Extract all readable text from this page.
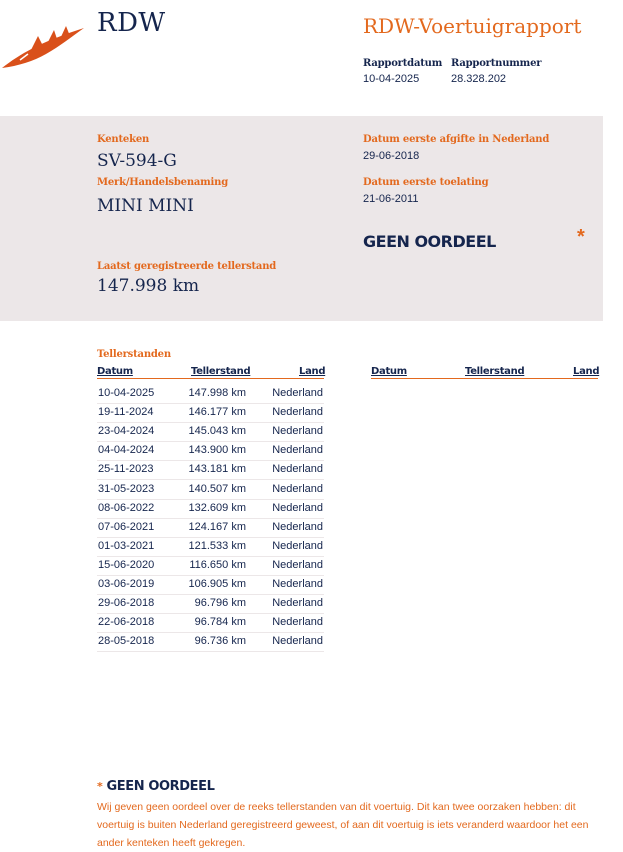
RDW	RDW-Voertuigrapport
Rapportdatum
10-04-2025
Rapportnummer
28.328.202
Kenteken
SV-594-G
Merk/Handelsbenaming
MINI MINI
Laatst geregistreerde tellerstand
147.998 km
Datum eerste afgifte in Nederland
29-06-2018
Datum eerste toelating
21-06-2011
GEEN OORDEEL	*
Tellerstanden
Datum	Tellerstand	Land	Datum	Tellerstand	Land
10-04-2025	147.998 km Nederland
19-11-2024	146.177 km Nederland
23-04-2024	145.043 km Nederland
04-04-2024	143.900 km Nederland
25-11-2023	143.181 km Nederland
31-05-2023	140.507 km Nederland
08-06-2022	132.609 km Nederland
07-06-2021	124.167 km Nederland
01-03-2021	121.533 km Nederland
15-06-2020	116.650 km Nederland
03-06-2019	106.905 km Nederland
29-06-2018	96.796 km Nederland
22-06-2018	96.784 km Nederland
28-05-2018	96.736 km Nederland
* GEEN OORDEEL
Wij geven geen oordeel over de reeks tellerstanden van dit voertuig. Dit kan twee oorzaken hebben: dit voertuig is buiten Nederland geregistreerd geweest, of aan dit voertuig is iets veranderd waardoor het een ander kenteken heeft gekregen.
